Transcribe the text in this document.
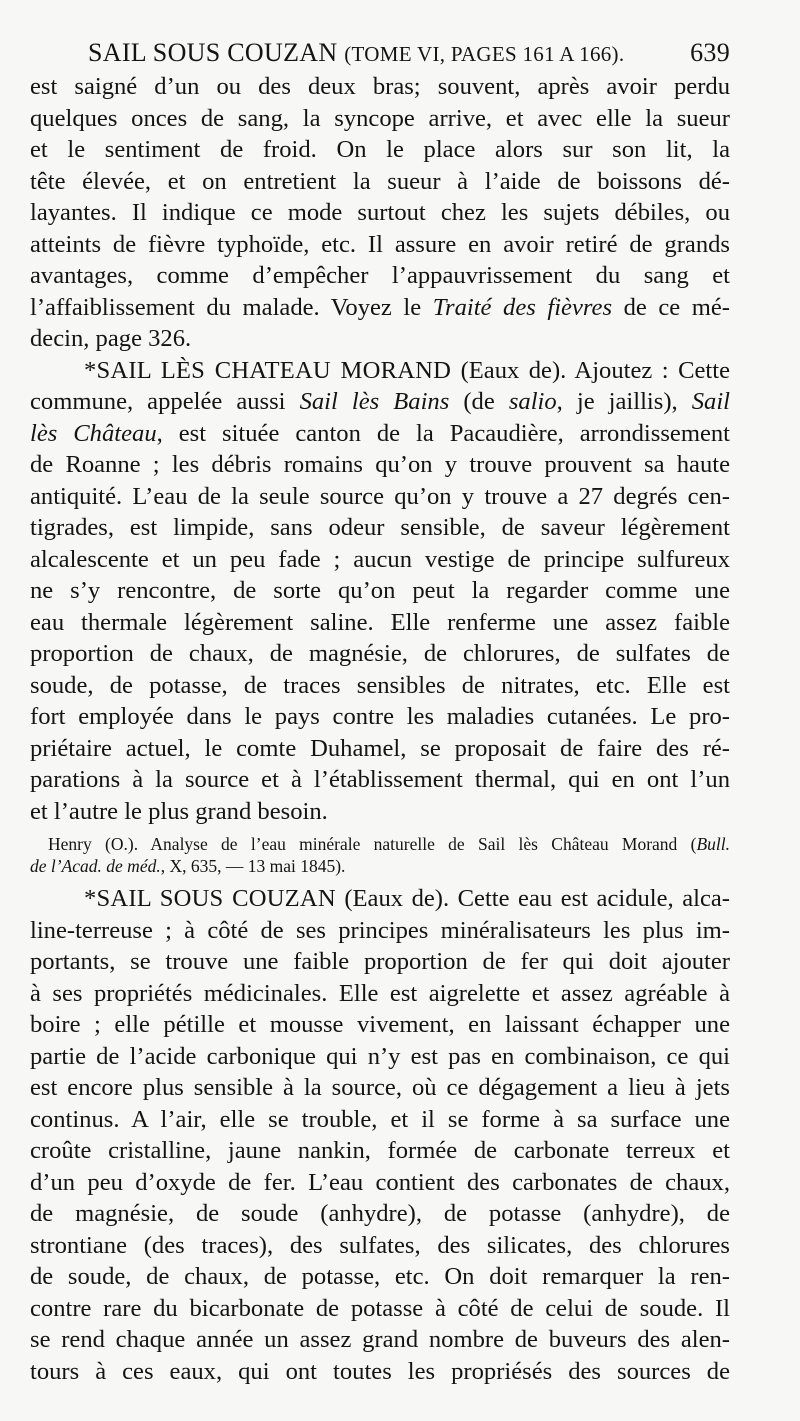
SAIL SOUS COUZAN (TOME VI, PAGES 161 A 166).	639
est saigné d’un ou des deux bras; souvent, après avoir perdu
quelques onces de sang, la syncope arrive, et avec elle la sueur
et le sentiment de froid. On le place alors sur son lit, la
tête élevée, et on entretient la sueur à l’aide de boissons dé-
layantes. Il indique ce mode surtout chez les sujets débiles, ou
atteints de fièvre typhoïde, etc. Il assure en avoir retiré de grands
avantages, comme d’empêcher l’appauvrissement du sang et
l’affaiblissement du malade. Voyez le Traité des fièvres de ce mé-
decin, page 326.
*SAIL LÈS CHATEAU MORAND (Eaux de). Ajoutez : Cette
commune, appelée aussi Sail lès Bains (de salio, je jaillis), Sail
lès Château, est située canton de la Pacaudière, arrondissement
de Roanne ; les débris romains qu’on y trouve prouvent sa haute
antiquité. L’eau de la seule source qu’on y trouve a 27 degrés cen-
tigrades, est limpide, sans odeur sensible, de saveur légèrement
alcalescente et un peu fade ; aucun vestige de principe sulfureux
ne s’y rencontre, de sorte qu’on peut la regarder comme une
eau thermale légèrement saline. Elle renferme une assez faible
proportion de chaux, de magnésie, de chlorures, de sulfates de
soude, de potasse, de traces sensibles de nitrates, etc. Elle est
fort employée dans le pays contre les maladies cutanées. Le pro-
priétaire actuel, le comte Duhamel, se proposait de faire des ré-
parations à la source et à l’établissement thermal, qui en ont l’un
et l’autre le plus grand besoin.
Henry (O.). Analyse de l’eau minérale naturelle de Sail lès Château Morand (Bull.
de l’Acad. de méd., X, 635, — 13 mai 1845).
*SAIL SOUS COUZAN (Eaux de). Cette eau est acidule, alca-
line-terreuse ; à côté de ses principes minéralisateurs les plus im-
portants, se trouve une faible proportion de fer qui doit ajouter
à ses propriétés médicinales. Elle est aigrelette et assez agréable à
boire ; elle pétille et mousse vivement, en laissant échapper une
partie de l’acide carbonique qui n’y est pas en combinaison, ce qui
est encore plus sensible à la source, où ce dégagement a lieu à jets
continus. A l’air, elle se trouble, et il se forme à sa surface une
croûte cristalline, jaune nankin, formée de carbonate terreux et
d’un peu d’oxyde de fer. L’eau contient des carbonates de chaux,
de magnésie, de soude (anhydre), de potasse (anhydre), de
strontiane (des traces), des sulfates, des silicates, des chlorures
de soude, de chaux, de potasse, etc. On doit remarquer la ren-
contre rare du bicarbonate de potasse à côté de celui de soude. Il
se rend chaque année un assez grand nombre de buveurs des alen-
tours à ces eaux, qui ont toutes les propriésés des sources de
